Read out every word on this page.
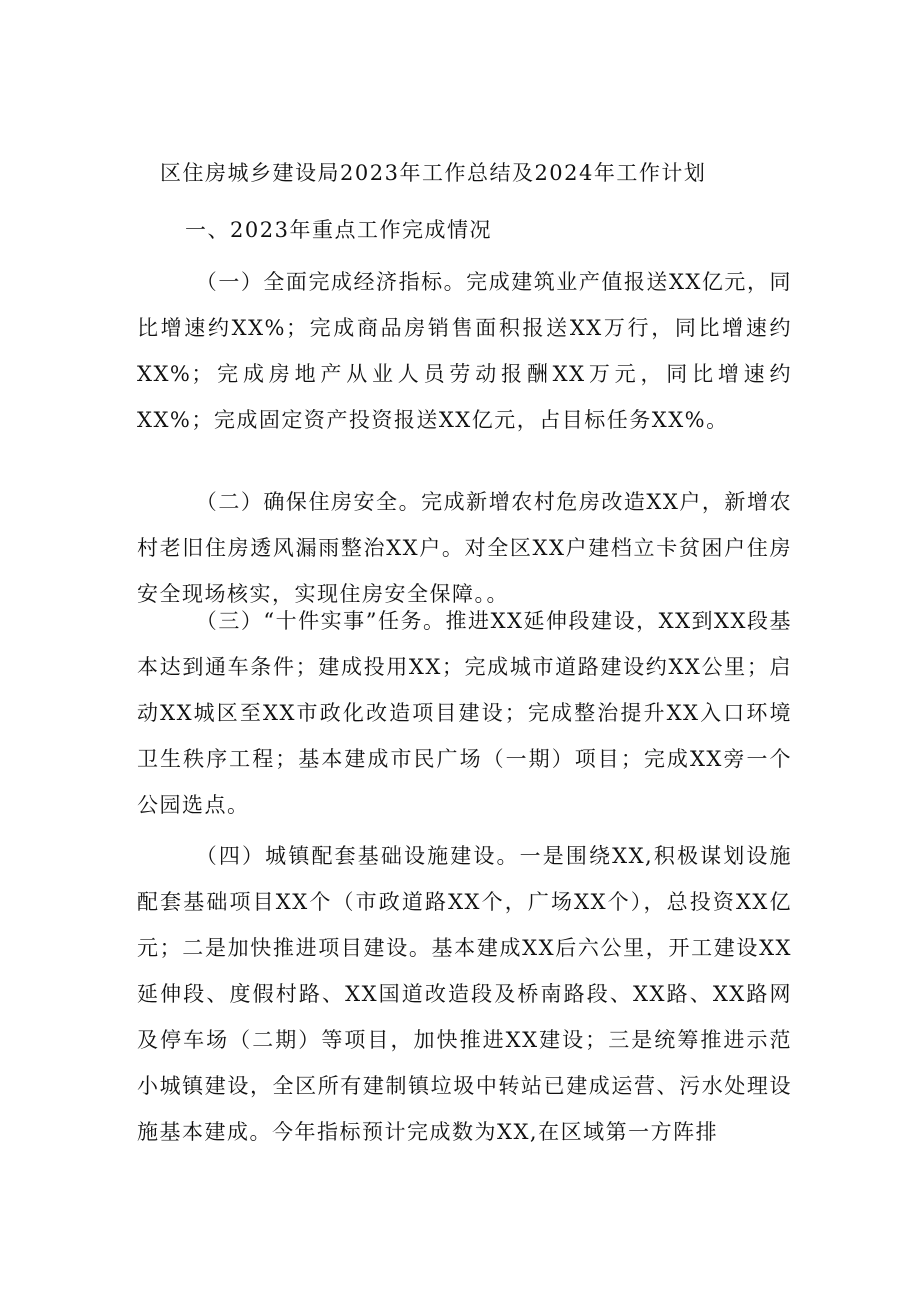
区住房城乡建设局2023年工作总结及2024年工作计划
一、2023年重点工作完成情况

（一）全面完成经济指标。完成建筑业产值报送XX亿元，同比增速约XX%；完成商品房销售面积报送XX万行，同比增速约XX%；完成房地产从业人员劳动报酬XX万元，同比增速约XX%；完成固定资产投资报送XX亿元，占目标任务XX%。

（二）确保住房安全。完成新增农村危房改造XX户，新增农村老旧住房透风漏雨整治XX户。对全区XX户建档立卡贫困户住房安全现场核实，实现住房安全保障。。

（三）“十件实事”任务。推进XX延伸段建设，XX到XX段基本达到通车条件；建成投用XX；完成城市道路建设约XX公里；启动XX城区至XX市政化改造项目建设；完成整治提升XX入口环境卫生秩序工程；基本建成市民广场（一期）项目；完成XX旁一个公园选点。

（四）城镇配套基础设施建设。一是围绕XX,积极谋划设施配套基础项目XX个（市政道路XX个，广场XX个），总投资XX亿元；二是加快推进项目建设。基本建成XX后六公里，开工建设XX延伸段、度假村路、XX国道改造段及桥南路段、XX路、XX路网及停车场（二期）等项目，加快推进XX建设；三是统筹推进示范小城镇建设，全区所有建制镇垃圾中转站已建成运营、污水处理设施基本建成。今年指标预计完成数为XX,在区域第一方阵排
